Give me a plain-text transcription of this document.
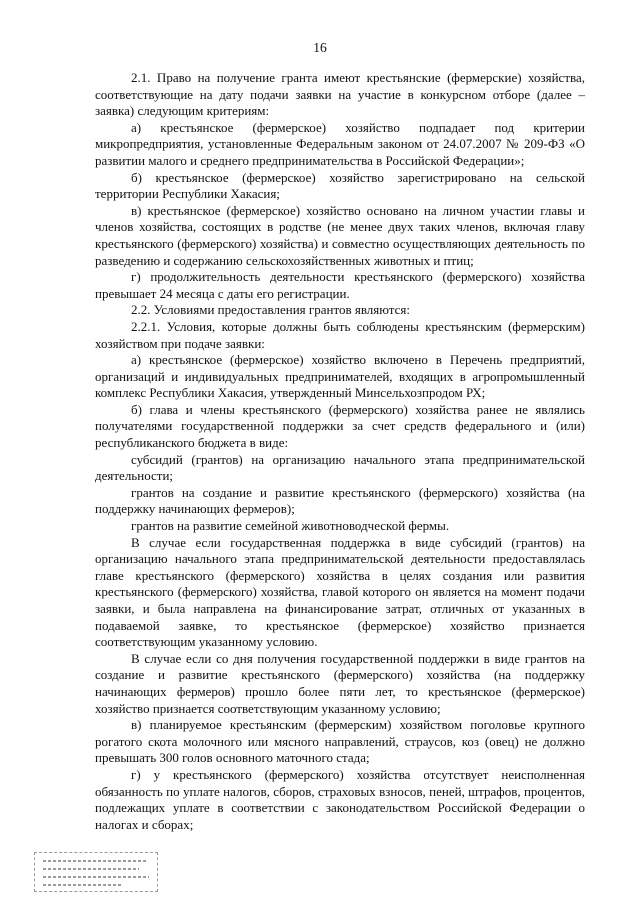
16

2.1. Право на получение гранта имеют крестьянские (фермерские) хозяйства, соответствующие на дату подачи заявки на участие в конкурсном отборе (далее – заявка) следующим критериям:

а) крестьянское (фермерское) хозяйство подпадает под критерии микропредприятия, установленные Федеральным законом от 24.07.2007 № 209-ФЗ «О развитии малого и среднего предпринимательства в Российской Федерации»;

б) крестьянское (фермерское) хозяйство зарегистрировано на сельской территории Республики Хакасия;

в) крестьянское (фермерское) хозяйство основано на личном участии главы и членов хозяйства, состоящих в родстве (не менее двух таких членов, включая главу крестьянского (фермерского) хозяйства) и совместно осуществляющих деятельность по разведению и содержанию сельскохозяйственных животных и птиц;

г) продолжительность деятельности крестьянского (фермерского) хозяйства превышает 24 месяца с даты его регистрации.

2.2. Условиями предоставления грантов являются:

2.2.1. Условия, которые должны быть соблюдены крестьянским (фермерским) хозяйством при подаче заявки:

а) крестьянское (фермерское) хозяйство включено в Перечень предприятий, организаций и индивидуальных предпринимателей, входящих в агропромышленный комплекс Республики Хакасия, утвержденный Минсельхозпродом РХ;

б) глава и члены крестьянского (фермерского) хозяйства ранее не являлись получателями государственной поддержки за счет средств федерального и (или) республиканского бюджета в виде:

субсидий (грантов) на организацию начального этапа предпринимательской деятельности;

грантов на создание и развитие крестьянского (фермерского) хозяйства (на поддержку начинающих фермеров);

грантов на развитие семейной животноводческой фермы.

В случае если государственная поддержка в виде субсидий (грантов) на организацию начального этапа предпринимательской деятельности предоставлялась главе крестьянского (фермерского) хозяйства в целях создания или развития крестьянского (фермерского) хозяйства, главой которого он является на момент подачи заявки, и была направлена на финансирование затрат, отличных от указанных в подаваемой заявке, то крестьянское (фермерское) хозяйство признается соответствующим указанному условию.

В случае если со дня получения государственной поддержки в виде грантов на создание и развитие крестьянского (фермерского) хозяйства (на поддержку начинающих фермеров) прошло более пяти лет, то крестьянское (фермерское) хозяйство признается соответствующим указанному условию;

в) планируемое крестьянским (фермерским) хозяйством поголовье крупного рогатого скота молочного или мясного направлений, страусов, коз (овец) не должно превышать 300 голов основного маточного стада;

г) у крестьянского (фермерского) хозяйства отсутствует неисполненная обязанность по уплате налогов, сборов, страховых взносов, пеней, штрафов, процентов, подлежащих уплате в соответствии с законодательством Российской Федерации о налогах и сборах;
